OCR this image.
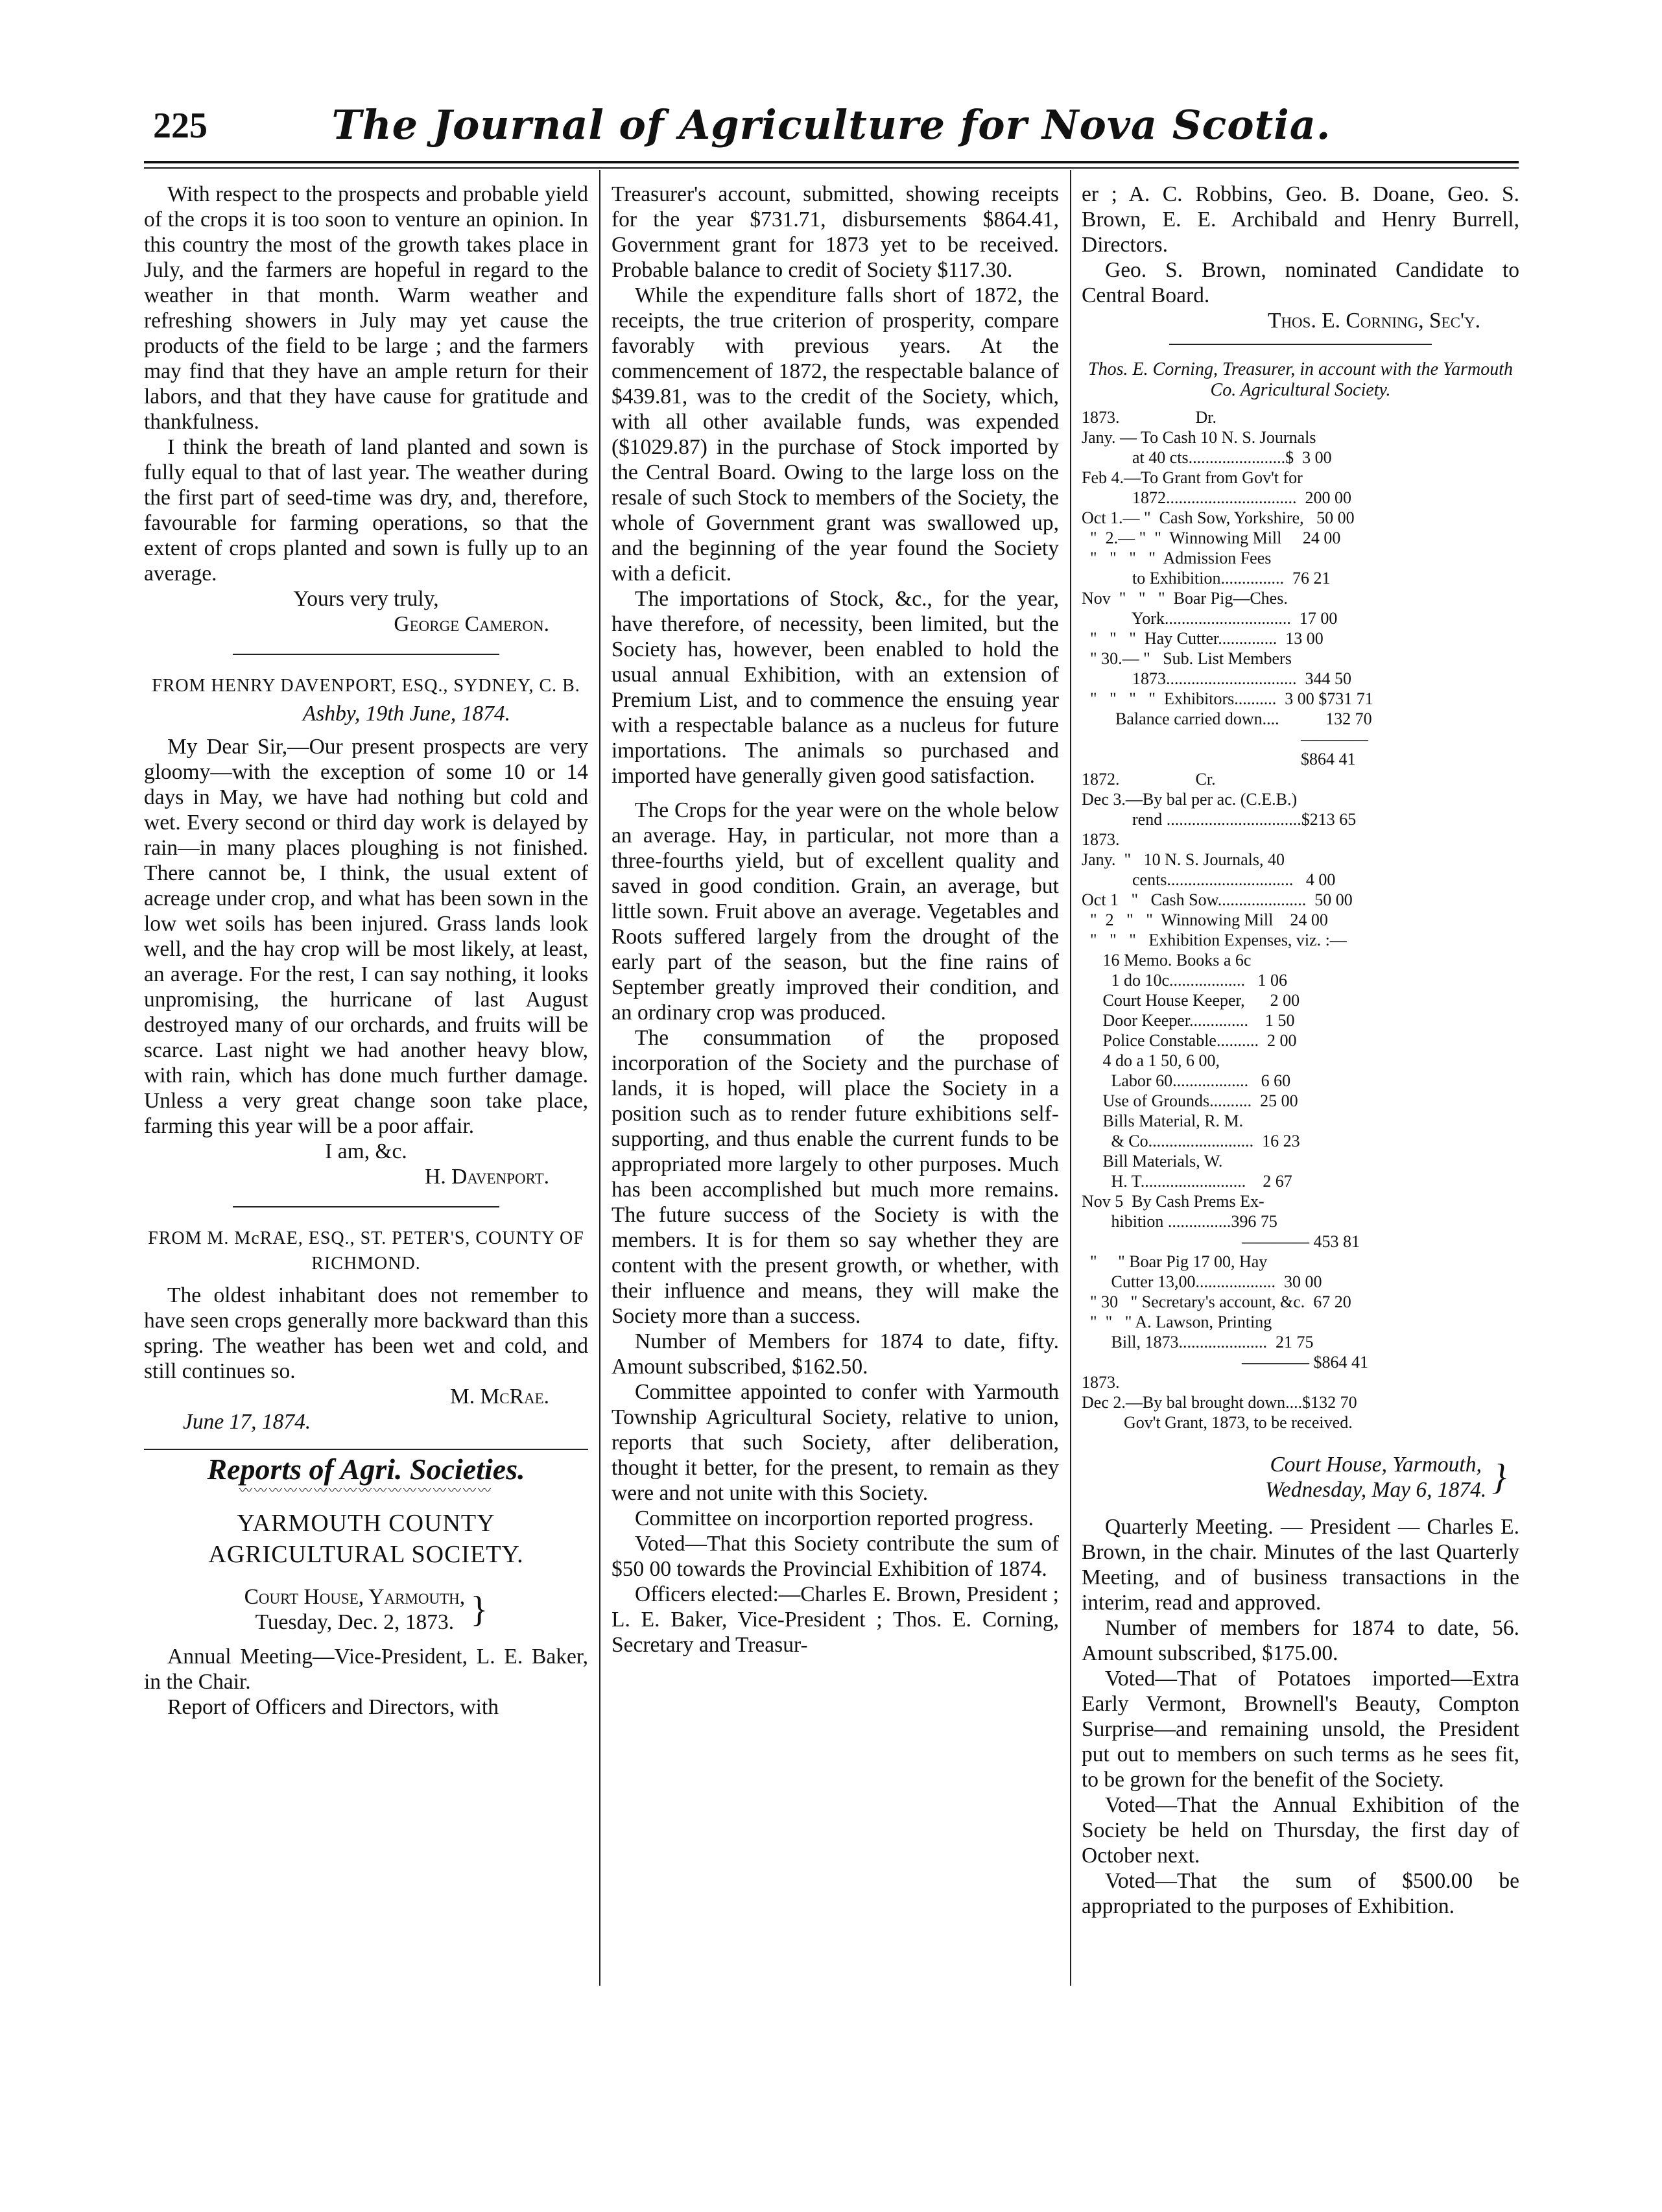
225	The Journal of Agriculture for Nova Scotia.

With respect to the prospects and probable yield of the crops it is too soon to venture an opinion. In this country the most of the growth takes place in July, and the farmers are hopeful in regard to the weather in that month. Warm weather and refreshing showers in July may yet cause the products of the field to be large ; and the farmers may find that they have an ample return for their labors, and that they have cause for gratitude and thankfulness.

I think the breath of land planted and sown is fully equal to that of last year. The weather during the first part of seed-time was dry, and, therefore, favourable for farming operations, so that the extent of crops planted and sown is fully up to an average.

Yours very truly,

George Cameron.

FROM HENRY DAVENPORT, ESQ., SYDNEY, C. B.

Ashby, 19th June, 1874.

My Dear Sir,—Our present prospects are very gloomy—with the exception of some 10 or 14 days in May, we have had nothing but cold and wet. Every second or third day work is delayed by rain—in many places ploughing is not finished. There cannot be, I think, the usual extent of acreage under crop, and what has been sown in the low wet soils has been injured. Grass lands look well, and the hay crop will be most likely, at least, an average. For the rest, I can say nothing, it looks unpromising, the hurricane of last August destroyed many of our orchards, and fruits will be scarce. Last night we had another heavy blow, with rain, which has done much further damage. Unless a very great change soon take place, farming this year will be a poor affair.

I am, &c.

H. Davenport.

FROM M. McRAE, ESQ., ST. PETER'S, COUNTY OF RICHMOND.

The oldest inhabitant does not remember to have seen crops generally more backward than this spring. The weather has been wet and cold, and still continues so.

M. McRae.

June 17, 1874.

Reports of Agri. Societies.

〰〰〰〰〰〰〰〰〰〰〰〰〰〰〰〰〰

YARMOUTH COUNTY AGRICULTURAL SOCIETY.

Court House, Yarmouth,
Tuesday, Dec. 2, 1873. }

Annual Meeting—Vice-President, L. E. Baker, in the Chair.

Report of Officers and Directors, with

Treasurer's account, submitted, showing receipts for the year $731.71, disbursements $864.41, Government grant for 1873 yet to be received. Probable balance to credit of Society $117.30.

While the expenditure falls short of 1872, the receipts, the true criterion of prosperity, compare favorably with previous years. At the commencement of 1872, the respectable balance of $439.81, was to the credit of the Society, which, with all other available funds, was expended ($1029.87) in the purchase of Stock imported by the Central Board. Owing to the large loss on the resale of such Stock to members of the Society, the whole of Government grant was swallowed up, and the beginning of the year found the Society with a deficit.

The importations of Stock, &c., for the year, have therefore, of necessity, been limited, but the Society has, however, been enabled to hold the usual annual Exhibition, with an extension of Premium List, and to commence the ensuing year with a respectable balance as a nucleus for future importations. The animals so purchased and imported have generally given good satisfaction.

The Crops for the year were on the whole below an average. Hay, in particular, not more than a three-fourths yield, but of excellent quality and saved in good condition. Grain, an average, but little sown. Fruit above an average. Vegetables and Roots suffered largely from the drought of the early part of the season, but the fine rains of September greatly improved their condition, and an ordinary crop was produced.

The consummation of the proposed incorporation of the Society and the purchase of lands, it is hoped, will place the Society in a position such as to render future exhibitions self-supporting, and thus enable the current funds to be appropriated more largely to other purposes. Much has been accomplished but much more remains. The future success of the Society is with the members. It is for them so say whether they are content with the present growth, or whether, with their influence and means, they will make the Society more than a success.

Number of Members for 1874 to date, fifty. Amount subscribed, $162.50.

Committee appointed to confer with Yarmouth Township Agricultural Society, relative to union, reports that such Society, after deliberation, thought it better, for the present, to remain as they were and not unite with this Society.

Committee on incorportion reported progress.

Voted—That this Society contribute the sum of $50 00 towards the Provincial Exhibition of 1874.

Officers elected:—Charles E. Brown, President ; L. E. Baker, Vice-President ; Thos. E. Corning, Secretary and Treasur-

er ; A. C. Robbins, Geo. B. Doane, Geo. S. Brown, E. E. Archibald and Henry Burrell, Directors.

Geo. S. Brown, nominated Candidate to Central Board.

Thos. E. Corning, Sec'y.

Thos. E. Corning, Treasurer, in account with the Yarmouth Co. Agricultural Society.

1873.                  Dr.
Jany. — To Cash 10 N. S. Journals
at 40 cts.......................$  3 00
Feb 4.—To Grant from Gov't for
1872...............................  200 00
Oct 1.— "  Cash Sow, Yorkshire,   50 00
"  2.— "  "  Winnowing Mill     24 00
"   "   "   "  Admission Fees
to Exhibition...............  76 21
Nov  "   "   "  Boar Pig—Ches.
York..............................  17 00
"   "   "  Hay Cutter..............  13 00
" 30.— "   Sub. List Members
1873...............................  344 50
"   "   "   "  Exhibitors..........  3 00 $731 71
Balance carried down....           132 70
————
$864 41
1872.                  Cr.
Dec 3.—By bal per ac. (C.E.B.)
rend ................................$213 65
1873.
Jany.  "   10 N. S. Journals, 40
cents..............................   4 00
Oct 1   "   Cash Sow.....................  50 00
"  2   "   "  Winnowing Mill    24 00
"   "   "   Exhibition Expenses, viz. :—
16 Memo. Books a 6c
1 do 10c..................   1 06
Court House Keeper,      2 00
Door Keeper..............    1 50
Police Constable..........  2 00
4 do a 1 50, 6 00,
Labor 60..................   6 60
Use of Grounds..........  25 00
Bills Material, R. M.
& Co.........................  16 23
Bill Materials, W.
H. T.........................    2 67
Nov 5  By Cash Prems Ex-
hibition ...............396 75
———— 453 81
"     " Boar Pig 17 00, Hay
Cutter 13,00...................  30 00
" 30   " Secretary's account, &c.  67 20
"  "   " A. Lawson, Printing
Bill, 1873.....................  21 75
———— $864 41
1873.
Dec 2.—By bal brought down....$132 70
Gov't Grant, 1873, to be received.
Court House, Yarmouth,
Wednesday, May 6, 1874. }

Quarterly Meeting. — President — Charles E. Brown, in the chair. Minutes of the last Quarterly Meeting, and of business transactions in the interim, read and approved.

Number of members for 1874 to date, 56. Amount subscribed, $175.00.

Voted—That of Potatoes imported—Extra Early Vermont, Brownell's Beauty, Compton Surprise—and remaining unsold, the President put out to members on such terms as he sees fit, to be grown for the benefit of the Society.

Voted—That the Annual Exhibition of the Society be held on Thursday, the first day of October next.

Voted—That the sum of $500.00 be appropriated to the purposes of Exhibition.
